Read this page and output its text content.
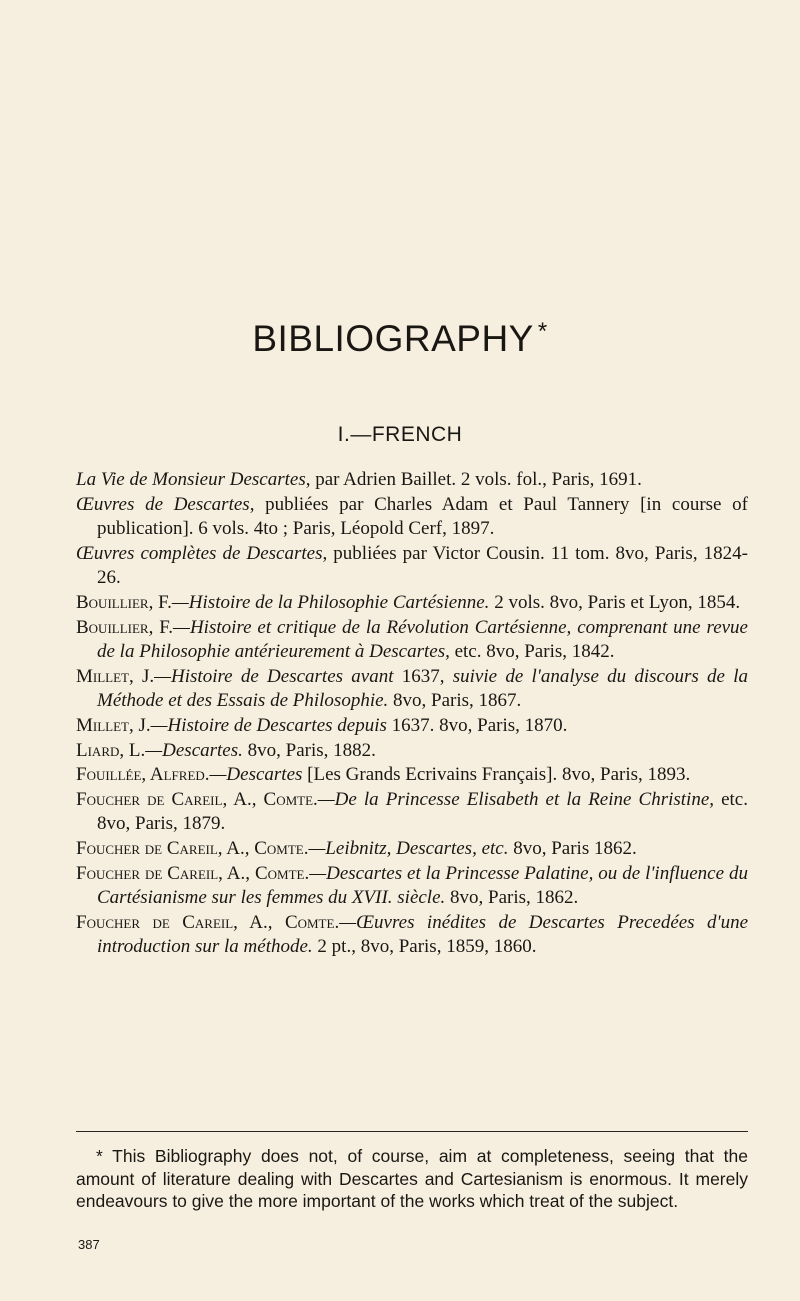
BIBLIOGRAPHY *
I.—FRENCH
La Vie de Monsieur Descartes, par Adrien Baillet. 2 vols. fol., Paris, 1691.
Œuvres de Descartes, publiées par Charles Adam et Paul Tannery [in course of publication]. 6 vols. 4to ; Paris, Léopold Cerf, 1897.
Œuvres complètes de Descartes, publiées par Victor Cousin. 11 tom. 8vo, Paris, 1824-26.
Bouillier, F.—Histoire de la Philosophie Cartésienne. 2 vols. 8vo, Paris et Lyon, 1854.
Bouillier, F.—Histoire et critique de la Révolution Cartésienne, comprenant une revue de la Philosophie antérieurement à Descartes, etc. 8vo, Paris, 1842.
Millet, J.—Histoire de Descartes avant 1637, suivie de l'analyse du discours de la Méthode et des Essais de Philosophie. 8vo, Paris, 1867.
Millet, J.—Histoire de Descartes depuis 1637. 8vo, Paris, 1870.
Liard, L.—Descartes. 8vo, Paris, 1882.
Fouillée, Alfred.—Descartes [Les Grands Ecrivains Français]. 8vo, Paris, 1893.
Foucher de Careil, A., Comte.—De la Princesse Elisabeth et la Reine Christine, etc. 8vo, Paris, 1879.
Foucher de Careil, A., Comte.—Leibnitz, Descartes, etc. 8vo, Paris 1862.
Foucher de Careil, A., Comte.—Descartes et la Princesse Palatine, ou de l'influence du Cartésianisme sur les femmes du XVII. siècle. 8vo, Paris, 1862.
Foucher de Careil, A., Comte.—Œuvres inédites de Descartes Precedées d'une introduction sur la méthode. 2 pt., 8vo, Paris, 1859, 1860.
* This Bibliography does not, of course, aim at completeness, seeing that the amount of literature dealing with Descartes and Cartesianism is enormous. It merely endeavours to give the more important of the works which treat of the subject.
387
